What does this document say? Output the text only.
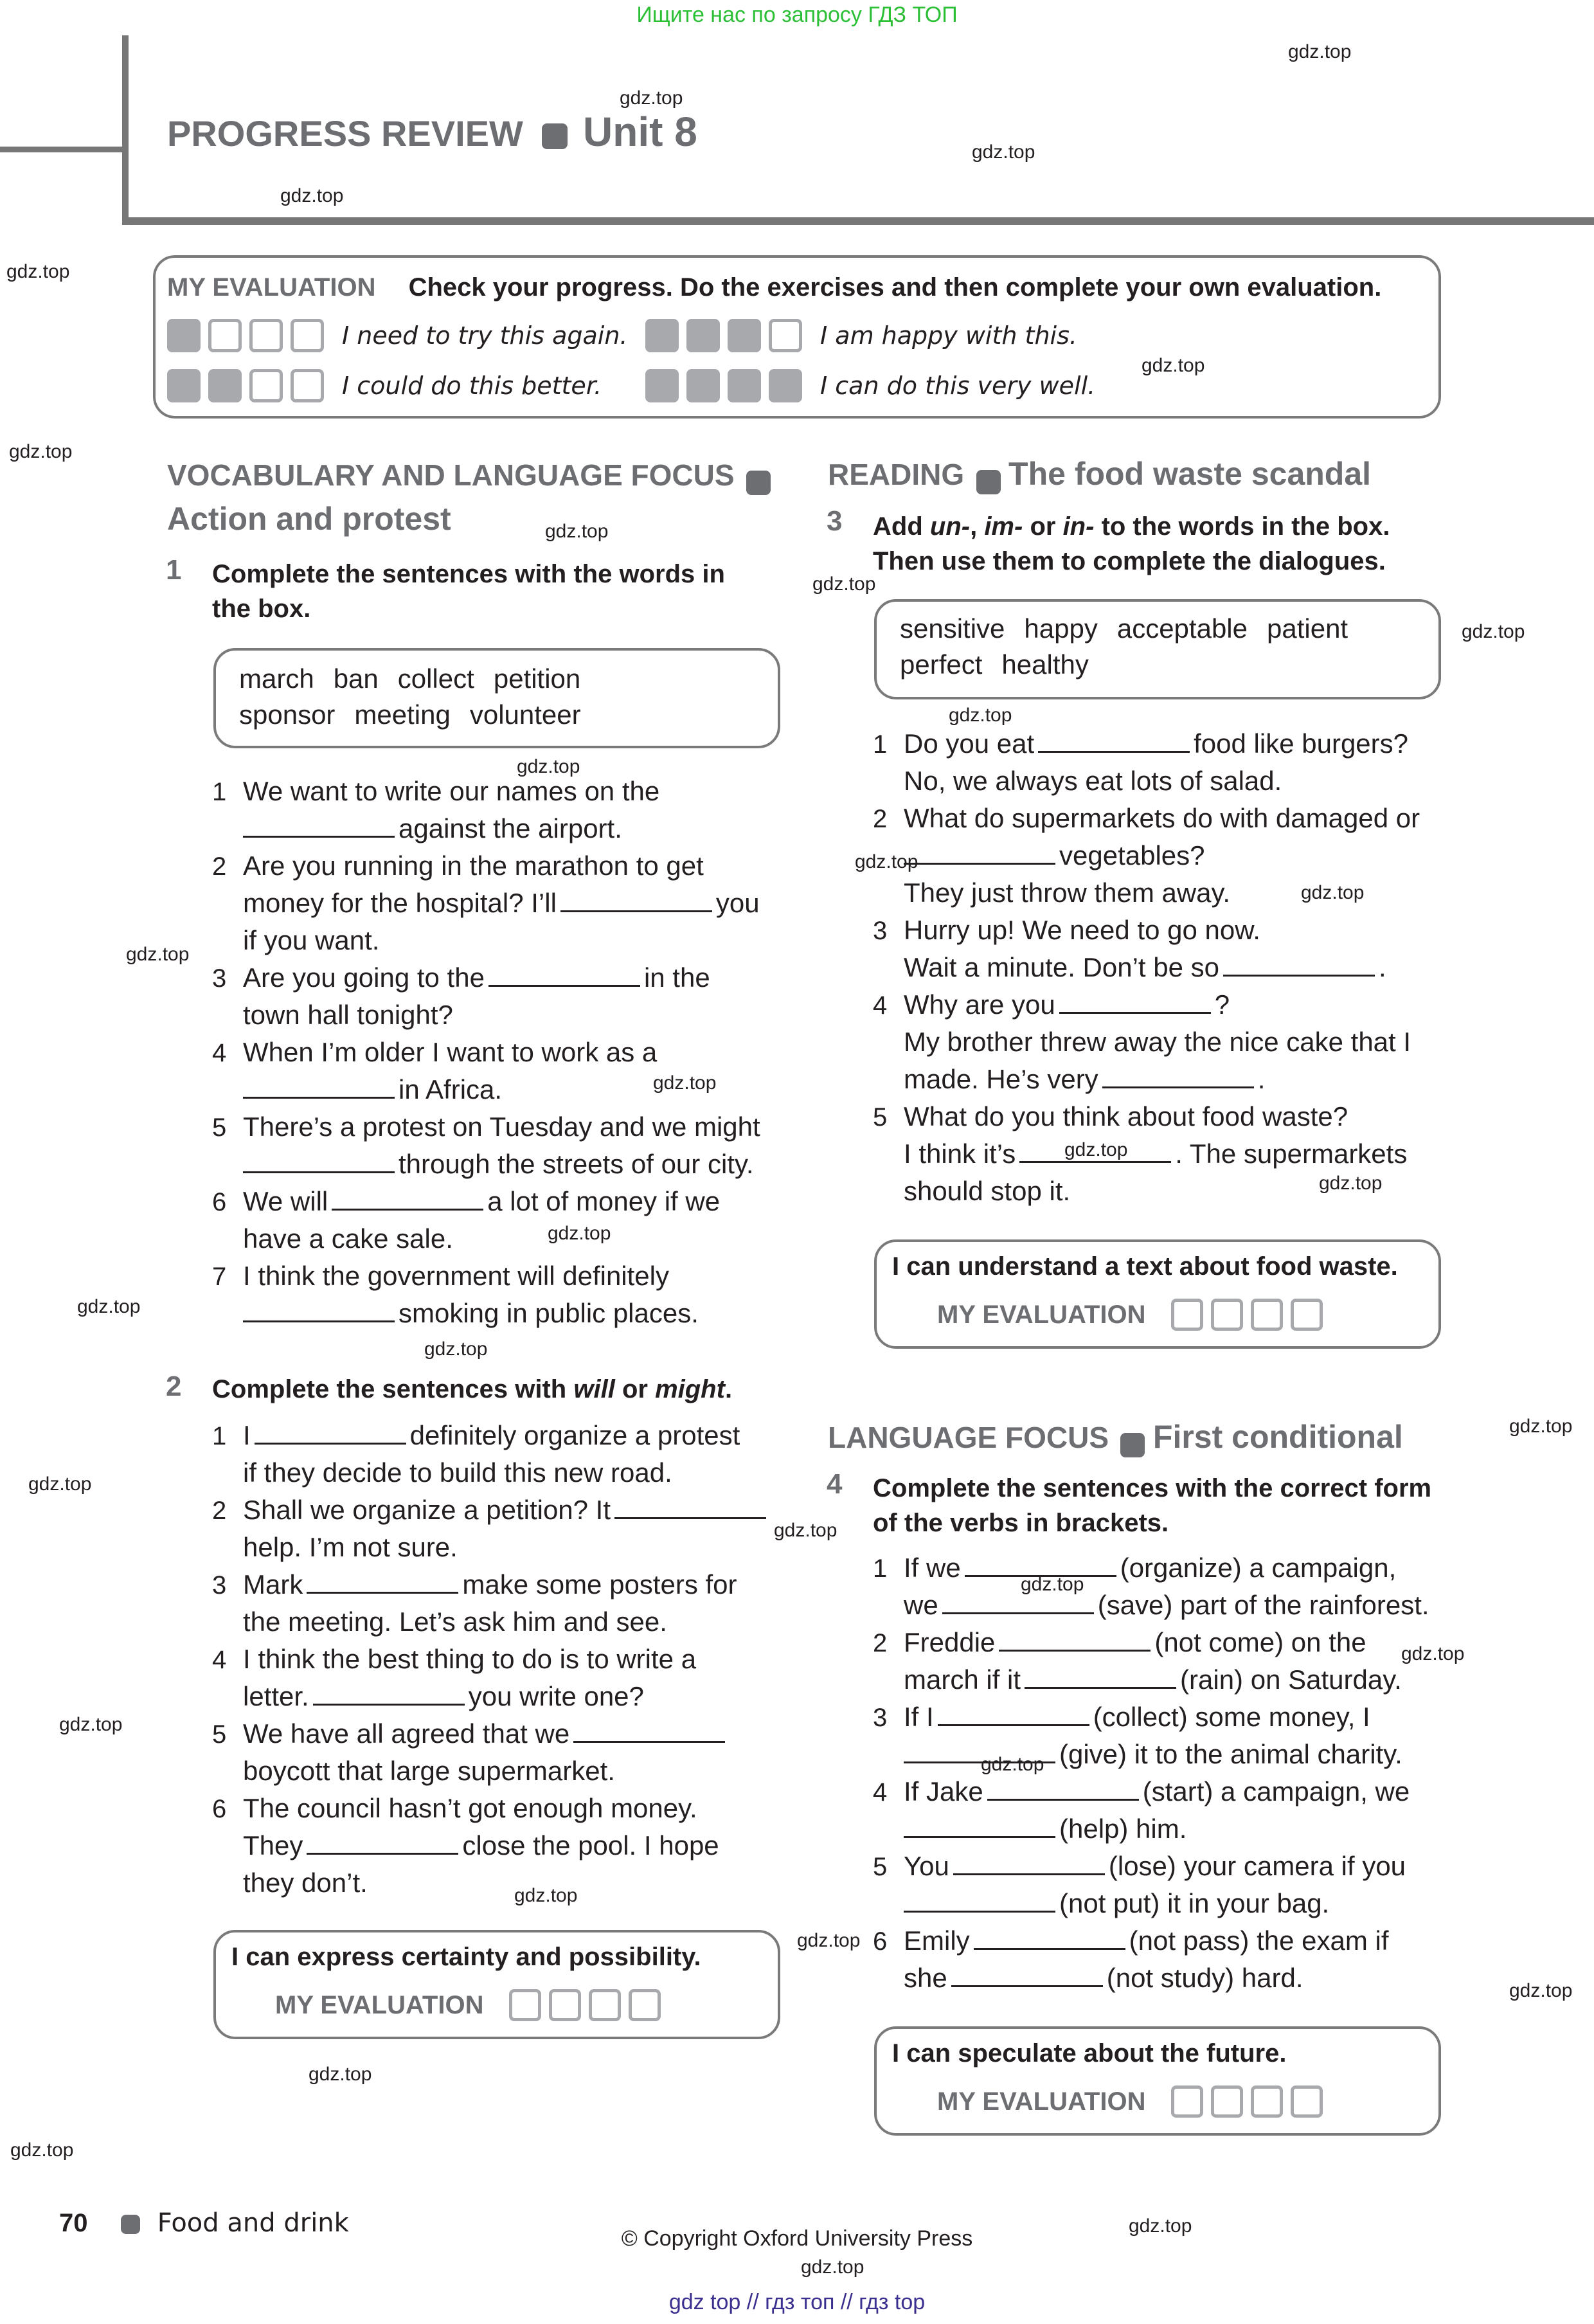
Ищите нас по запросу ГДЗ ТОП
PROGRESS REVIEW Unit 8
MY EVALUATION Check your progress. Do the exercises and then complete your own evaluation.
I need to try this again.	I am happy with this.
I could do this better.	I can do this very well.
VOCABULARY AND LANGUAGE FOCUS
Action and protest
1 Complete the sentences with the words in
the box.
march ban collect petition
sponsor meeting volunteer
1 We want to write our names on the
against the airport.
2 Are you running in the marathon to get
money for the hospital? I’ll	you
if you want.
3 Are you going to the	in the
town hall tonight?
4 When I’m older I want to work as a
in Africa.
5 There’s a protest on Tuesday and we might
through the streets of our city.
6 We will	a lot of money if we
have a cake sale.
7 I think the government will definitely
smoking in public places.
2 Complete the sentences with will or might.
1 I	definitely organize a protest
if they decide to build this new road.
2 Shall we organize a petition? It
help. I’m not sure.
3 Mark	make some posters for
the meeting. Let’s ask him and see.
4 I think the best thing to do is to write a
letter.	you write one?
5 We have all agreed that we
boycott that large supermarket.
6 The council hasn’t got enough money.
They	close the pool. I hope
they don’t.
I can express certainty and possibility.
MY EVALUATION
READING The food waste scandal
3 Add un-, im- or in- to the words in the box.
Then use them to complete the dialogues.
sensitive happy acceptable patient
perfect healthy
1 Do you eat	food like burgers?
No, we always eat lots of salad.
2 What do supermarkets do with damaged or
vegetables?
They just throw them away.
3 Hurry up! We need to go now.
Wait a minute. Don’t be so	.
4 Why are you	?
My brother threw away the nice cake that I
made. He’s very	.
5 What do you think about food waste?
I think it’s	. The supermarkets
should stop it.
I can understand a text about food waste.
MY EVALUATION
LANGUAGE FOCUS First conditional
4 Complete the sentences with the correct form
of the verbs in brackets.
1 If we	(organize) a campaign,
we	(save) part of the rainforest.
2 Freddie	(not come) on the
march if it	(rain) on Saturday.
3 If I	(collect) some money, I
(give) it to the animal charity.
4 If Jake	(start) a campaign, we
(help) him.
5 You	(lose) your camera if you
(not put) it in your bag.
6 Emily	(not pass) the exam if
she	(not study) hard.
I can speculate about the future.
MY EVALUATION
70	Food and drink
© Copyright Oxford University Press
gdz top // гдз топ // гдз top
gdz.top
gdz.top
gdz.top
gdz.top
gdz.top
gdz.top
gdz.top
gdz.top
gdz.top
gdz.top
gdz.top
gdz.top
gdz.top
gdz.top
gdz.top
gdz.top
gdz.top
gdz.top
gdz.top
gdz.top
gdz.top
gdz.top
gdz.top
gdz.top
gdz.top
gdz.top
gdz.top
gdz.top
gdz.top
gdz.top
gdz.top
gdz.top
gdz.top
gdz.top
gdz.top
